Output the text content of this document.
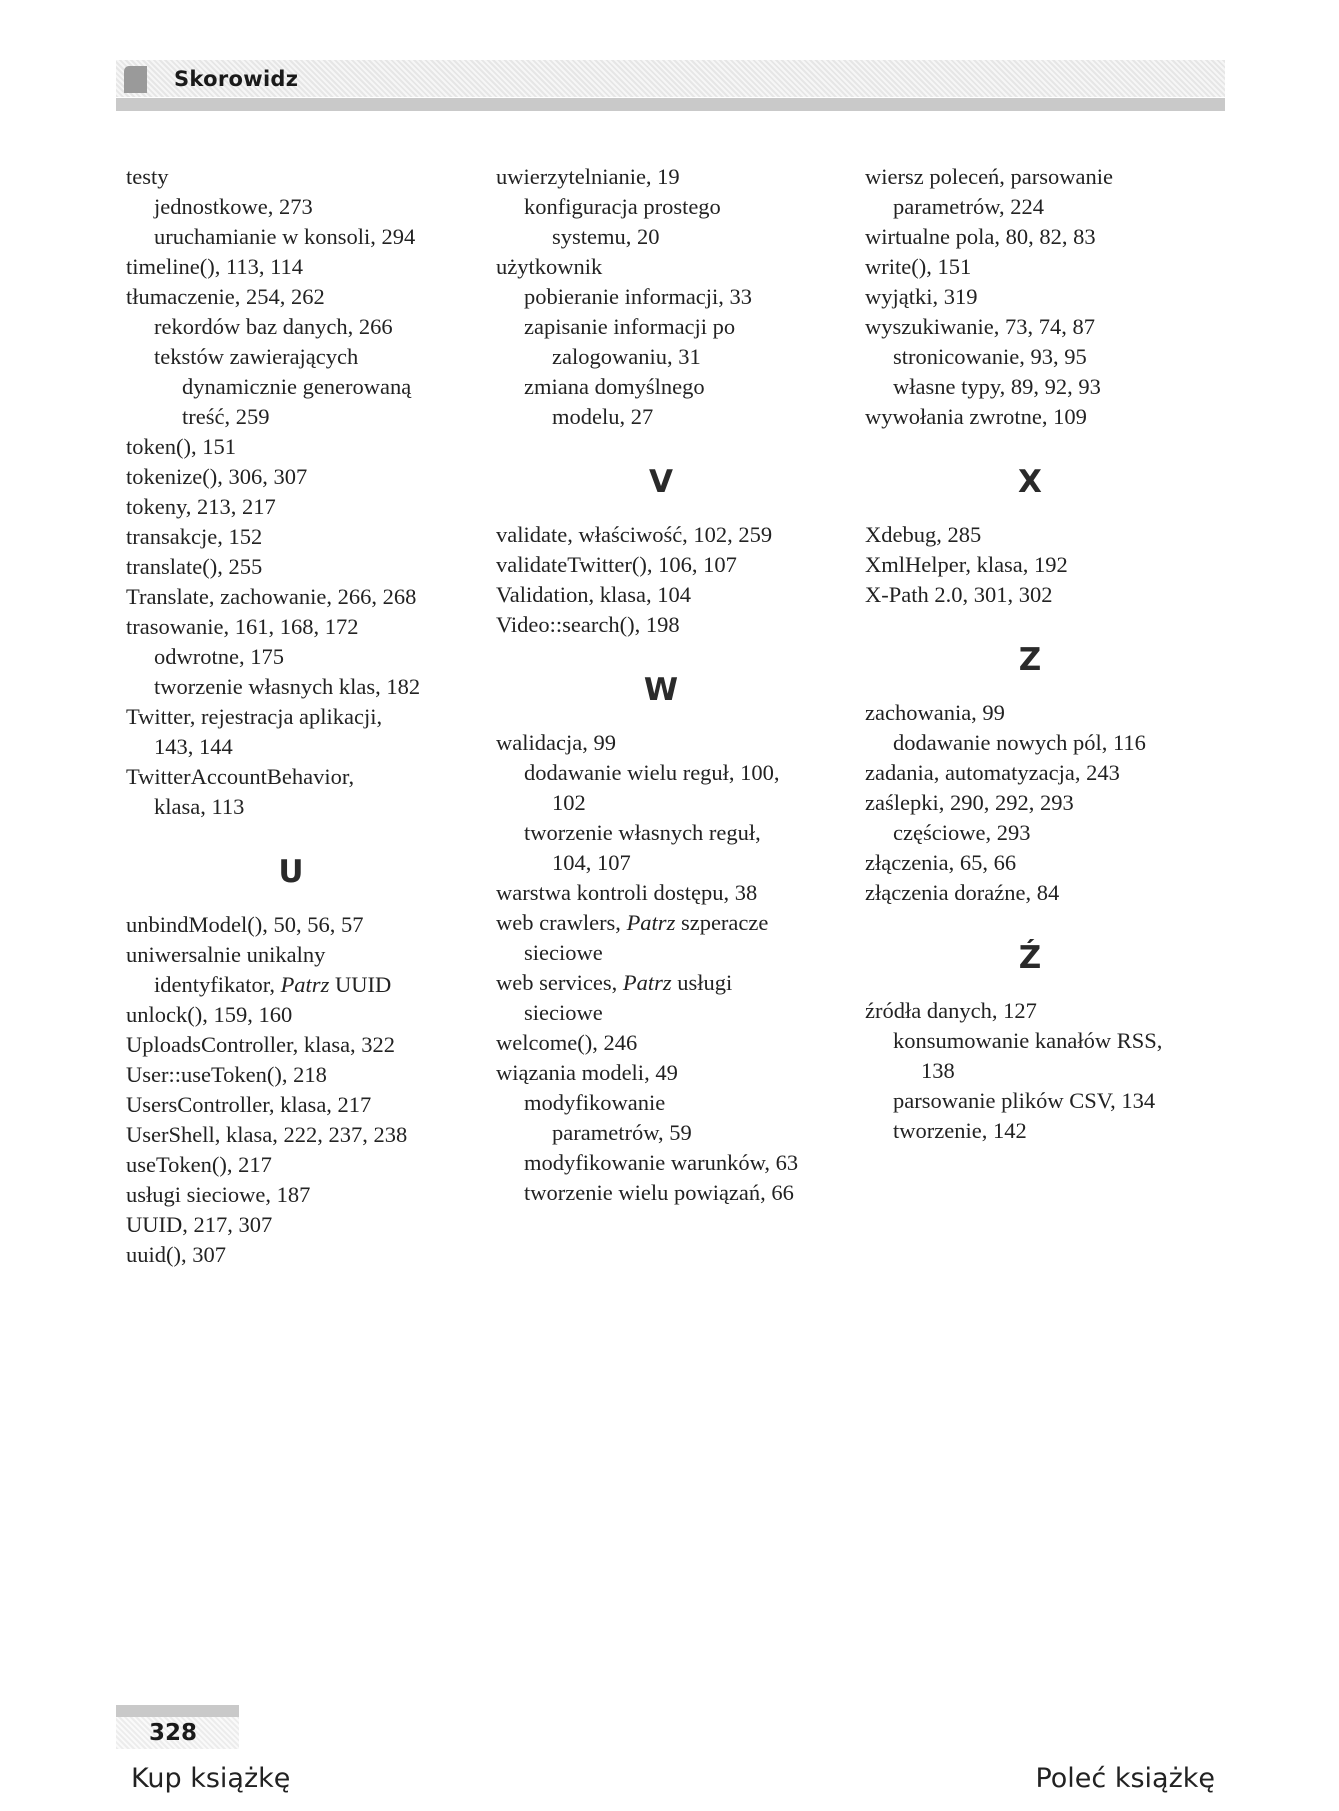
Skorowidz
testy
jednostkowe, 273
uruchamianie w konsoli, 294
timeline(), 113, 114
tłumaczenie, 254, 262
rekordów baz danych, 266
tekstów zawierających
dynamicznie generowaną
treść, 259
token(), 151
tokenize(), 306, 307
tokeny, 213, 217
transakcje, 152
translate(), 255
Translate, zachowanie, 266, 268
trasowanie, 161, 168, 172
odwrotne, 175
tworzenie własnych klas, 182
Twitter, rejestracja aplikacji,
143, 144
TwitterAccountBehavior,
klasa, 113
U
unbindModel(), 50, 56, 57
uniwersalnie unikalny
identyfikator, Patrz UUID
unlock(), 159, 160
UploadsController, klasa, 322
User::useToken(), 218
UsersController, klasa, 217
UserShell, klasa, 222, 237, 238
useToken(), 217
usługi sieciowe, 187
UUID, 217, 307
uuid(), 307
uwierzytelnianie, 19
konfiguracja prostego
systemu, 20
użytkownik
pobieranie informacji, 33
zapisanie informacji po
zalogowaniu, 31
zmiana domyślnego
modelu, 27
V
validate, właściwość, 102, 259
validateTwitter(), 106, 107
Validation, klasa, 104
Video::search(), 198
W
walidacja, 99
dodawanie wielu reguł, 100,
102
tworzenie własnych reguł,
104, 107
warstwa kontroli dostępu, 38
web crawlers, Patrz szperacze
sieciowe
web services, Patrz usługi
sieciowe
welcome(), 246
wiązania modeli, 49
modyfikowanie
parametrów, 59
modyfikowanie warunków, 63
tworzenie wielu powiązań, 66
wiersz poleceń, parsowanie
parametrów, 224
wirtualne pola, 80, 82, 83
write(), 151
wyjątki, 319
wyszukiwanie, 73, 74, 87
stronicowanie, 93, 95
własne typy, 89, 92, 93
wywołania zwrotne, 109
X
Xdebug, 285
XmlHelper, klasa, 192
X-Path 2.0, 301, 302
Z
zachowania, 99
dodawanie nowych pól, 116
zadania, automatyzacja, 243
zaślepki, 290, 292, 293
częściowe, 293
złączenia, 65, 66
złączenia doraźne, 84
Ź
źródła danych, 127
konsumowanie kanałów RSS,
138
parsowanie plików CSV, 134
tworzenie, 142
328
Kup książkę	Poleć książkę
